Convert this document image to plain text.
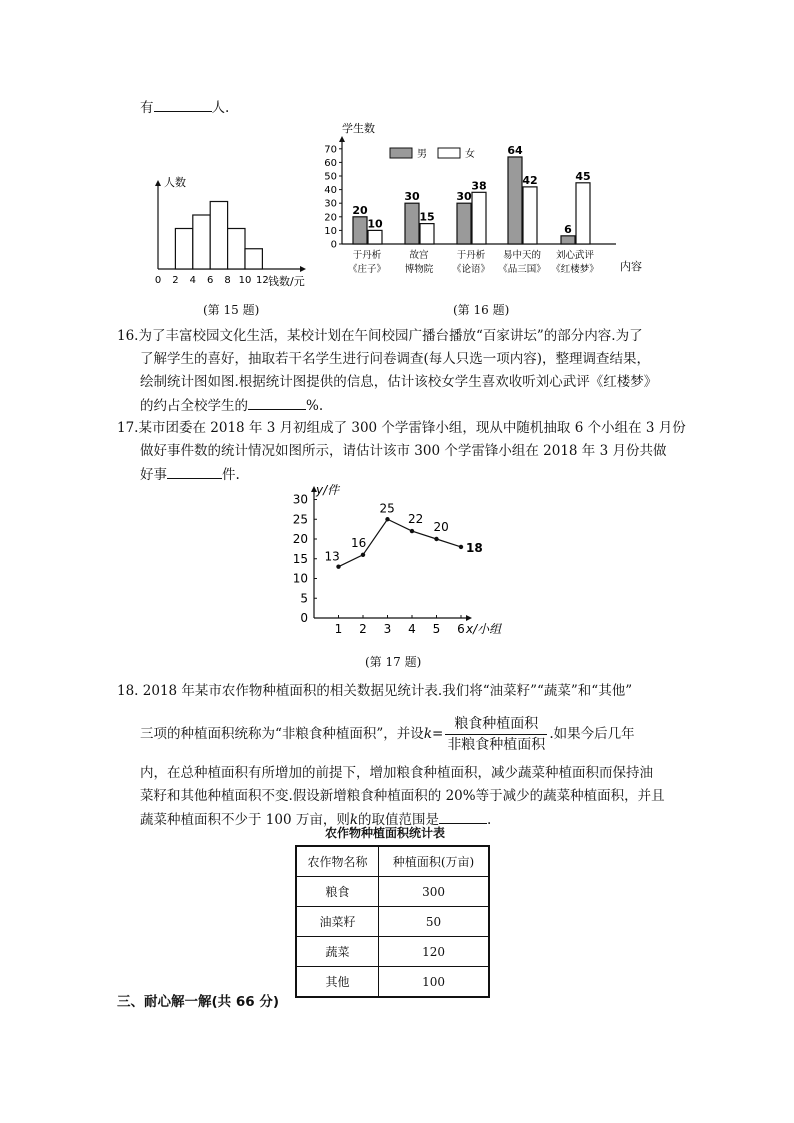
有	人.
0 2 4 6 8 10 12
人数
钱数/元
(第 15 题)
0
10
20
30
40
50
60
70
20
10
于丹析
《庄子》
30
15
故宫
博物院
30
38
于丹析
《论语》
64
42
易中天的
《品三国》
6
45
刘心武评
《红楼梦》
学生数
内容
男	女
(第 16 题)
16.为了丰富校园文化生活，某校计划在午间校园广播台播放“百家讲坛”的部分内容.为了
了解学生的喜好，抽取若干名学生进行问卷调查(每人只选一项内容)，整理调查结果，
绘制统计图如图.根据统计图提供的信息，估计该校女学生喜欢收听刘心武评《红楼梦》
的约占全校学生的	%.
17.某市团委在 2018 年 3 月初组成了 300 个学雷锋小组，现从中随机抽取 6 个小组在 3 月份
做好事件数的统计情况如图所示，请估计该市 300 个学雷锋小组在 2018 年 3 月份共做
好事	件.
0
5
10
15
20
25
30
1 2 3 4 5 6
13
16
25
22
20
18
y/件
x/小组
(第 17 题)
18. 2018 年某市农作物种植面积的相关数据见统计表.我们将“油菜籽”“蔬菜”和“其他”
三项的种植面积统称为“非粮食种植面积”，并设$k= \frac{\text{粮食种植面积}}{\text{非粮食种植面积}}$ .如果今后几年
内，在总种植面积有所增加的前提下，增加粮食种植面积，减少蔬菜种植面积而保持油
菜籽和其他种植面积不变.假设新增粮食种植面积的 20%等于减少的蔬菜种植面积，并且
蔬菜种植面积不少于 100 万亩，则k的取值范围是	.
农作物种植面积统计表
农作物名称	种植面积(万亩)
粮食	300
油菜籽	50
蔬菜	120
其他	100
三、耐心解一解(共 66 分)
